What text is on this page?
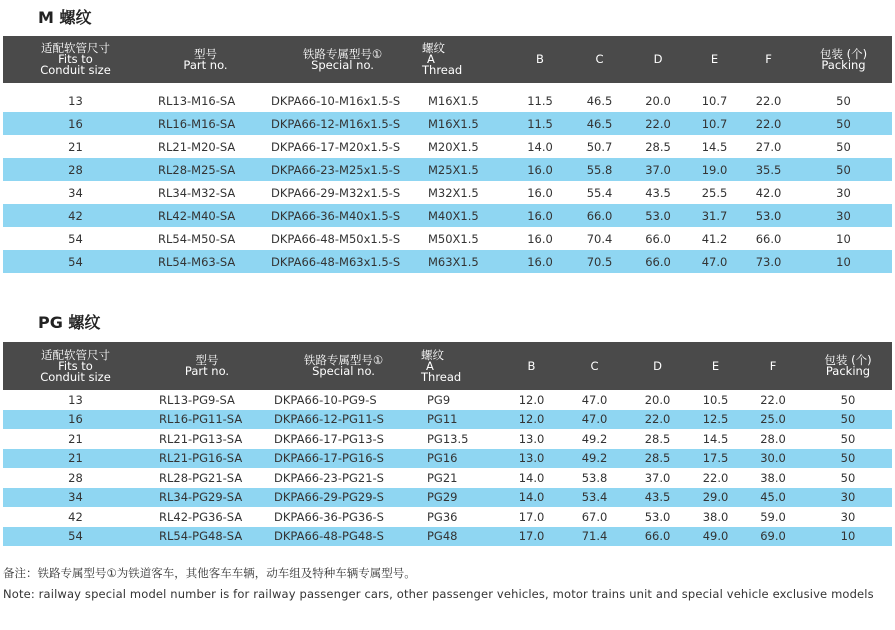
M 螺纹
适配软管尺寸
Fits to
Conduit size	型号
Part no.	铁路专属型号①
Special no.	螺纹
A
Thread	B	C	D	E	F	包装 (个)
Packing

13	RL13-M16-SA	DKPA66-10-M16x1.5-S	M16X1.5	11.5	46.5	20.0	10.7	22.0	50
16	RL16-M16-SA	DKPA66-12-M16x1.5-S	M16X1.5	11.5	46.5	22.0	10.7	22.0	50
21	RL21-M20-SA	DKPA66-17-M20x1.5-S	M20X1.5	14.0	50.7	28.5	14.5	27.0	50
28	RL28-M25-SA	DKPA66-23-M25x1.5-S	M25X1.5	16.0	55.8	37.0	19.0	35.5	50
34	RL34-M32-SA	DKPA66-29-M32x1.5-S	M32X1.5	16.0	55.4	43.5	25.5	42.0	30
42	RL42-M40-SA	DKPA66-36-M40x1.5-S	M40X1.5	16.0	66.0	53.0	31.7	53.0	30
54	RL54-M50-SA	DKPA66-48-M50x1.5-S	M50X1.5	16.0	70.4	66.0	41.2	66.0	10
54	RL54-M63-SA	DKPA66-48-M63x1.5-S	M63X1.5	16.0	70.5	66.0	47.0	73.0	10
PG 螺纹
适配软管尺寸
Fits to
Conduit size	型号
Part no.	铁路专属型号①
Special no.	螺纹
A
Thread	B	C	D	E	F	包装 (个)
Packing

13	RL13-PG9-SA	DKPA66-10-PG9-S	PG9	12.0	47.0	20.0	10.5	22.0	50
16	RL16-PG11-SA	DKPA66-12-PG11-S	PG11	12.0	47.0	22.0	12.5	25.0	50
21	RL21-PG13-SA	DKPA66-17-PG13-S	PG13.5	13.0	49.2	28.5	14.5	28.0	50
21	RL21-PG16-SA	DKPA66-17-PG16-S	PG16	13.0	49.2	28.5	17.5	30.0	50
28	RL28-PG21-SA	DKPA66-23-PG21-S	PG21	14.0	53.8	37.0	22.0	38.0	50
34	RL34-PG29-SA	DKPA66-29-PG29-S	PG29	14.0	53.4	43.5	29.0	45.0	30
42	RL42-PG36-SA	DKPA66-36-PG36-S	PG36	17.0	67.0	53.0	38.0	59.0	30
54	RL54-PG48-SA	DKPA66-48-PG48-S	PG48	17.0	71.4	66.0	49.0	69.0	10
备注：铁路专属型号①为铁道客车，其他客车车辆，动车组及特种车辆专属型号。
Note: railway special model number is for railway passenger cars, other passenger vehicles, motor trains unit and special vehicle exclusive models
